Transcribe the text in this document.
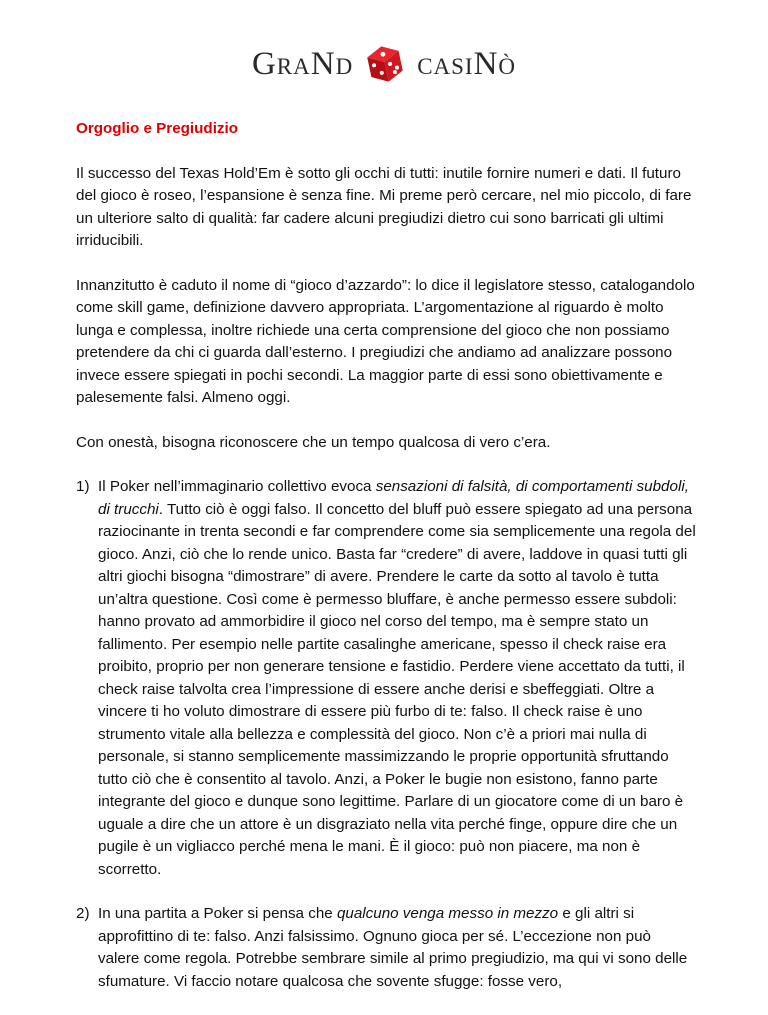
GraNd casiNò
Orgoglio e Pregiudizio

Il successo del Texas Hold’Em è sotto gli occhi di tutti: inutile fornire numeri e dati. Il futuro del gioco è roseo, l’espansione è senza fine. Mi preme però cercare, nel mio piccolo, di fare un ulteriore salto di qualità: far cadere alcuni pregiudizi dietro cui sono barricati gli ultimi irriducibili.

Innanzitutto è caduto il nome di “gioco d’azzardo”: lo dice il legislatore stesso, catalogandolo come skill game, definizione davvero appropriata. L’argomentazione al riguardo è molto lunga e complessa, inoltre richiede una certa comprensione del gioco che non possiamo pretendere da chi ci guarda dall’esterno. I pregiudizi che andiamo ad analizzare possono invece essere spiegati in pochi secondi. La maggior parte di essi sono obiettivamente e palesemente falsi. Almeno oggi.

Con onestà, bisogna riconoscere che un tempo qualcosa di vero c’era.

1) Il Poker nell’immaginario collettivo evoca sensazioni di falsità, di comportamenti subdoli, di trucchi. Tutto ciò è oggi falso. Il concetto del bluff può essere spiegato ad una persona raziocinante in trenta secondi e far comprendere come sia semplicemente una regola del gioco. Anzi, ciò che lo rende unico. Basta far “credere” di avere, laddove in quasi tutti gli altri giochi bisogna “dimostrare” di avere. Prendere le carte da sotto al tavolo è tutta un’altra questione. Così come è permesso bluffare, è anche permesso essere subdoli: hanno provato ad ammorbidire il gioco nel corso del tempo, ma è sempre stato un fallimento. Per esempio nelle partite casalinghe americane, spesso il check raise era proibito, proprio per non generare tensione e fastidio. Perdere viene accettato da tutti, il check raise talvolta crea l’impressione di essere anche derisi e sbeffeggiati. Oltre a vincere ti ho voluto dimostrare di essere più furbo di te: falso. Il check raise è uno strumento vitale alla bellezza e complessità del gioco. Non c’è a priori mai nulla di personale, si stanno semplicemente massimizzando le proprie opportunità sfruttando tutto ciò che è consentito al tavolo. Anzi, a Poker le bugie non esistono, fanno parte integrante del gioco e dunque sono legittime. Parlare di un giocatore come di un baro è uguale a dire che un attore è un disgraziato nella vita perché finge, oppure dire che un pugile è un vigliacco perché mena le mani. È il gioco: può non piacere, ma non è scorretto.
2) In una partita a Poker si pensa che qualcuno venga messo in mezzo e gli altri si approfittino di te: falso. Anzi falsissimo. Ognuno gioca per sé. L’eccezione non può valere come regola. Potrebbe sembrare simile al primo pregiudizio, ma qui vi sono delle sfumature. Vi faccio notare qualcosa che sovente sfugge: fosse vero,
